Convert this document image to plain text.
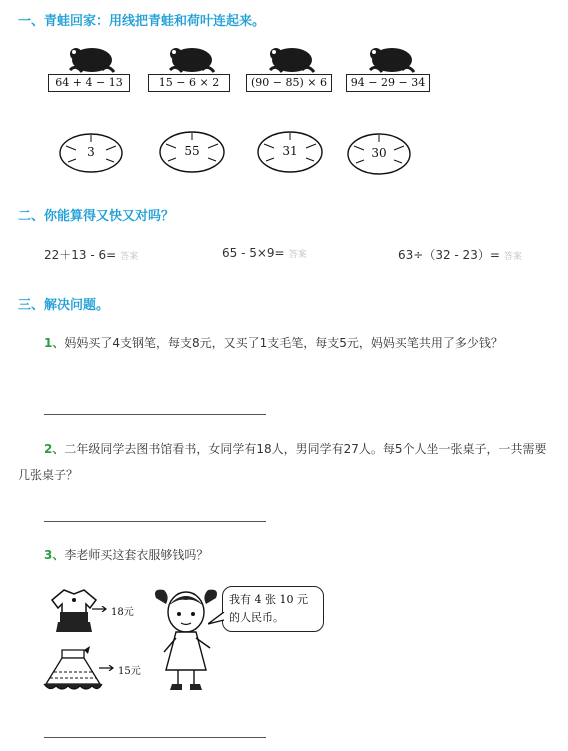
一、青蛙回家：用线把青蛙和荷叶连起来。
64 + 4 − 13	15 − 6 × 2	(90 − 85) × 6	94 − 29 − 34
3	55	31	30
二、你能算得又快又对吗？
22＋13 - 6= 答案	65 - 5×9= 答案	63÷（32 - 23）= 答案
三、解决问题。
1、妈妈买了4支钢笔，每支8元，又买了1支毛笔，每支5元，妈妈买笔共用了多少钱？
2、二年级同学去图书馆看书，女同学有18人，男同学有27人。每5个人坐一张桌子，一共需要几张桌子？
3、李老师买这套衣服够钱吗？
18元
15元
我有 4 张 10 元的人民币。
